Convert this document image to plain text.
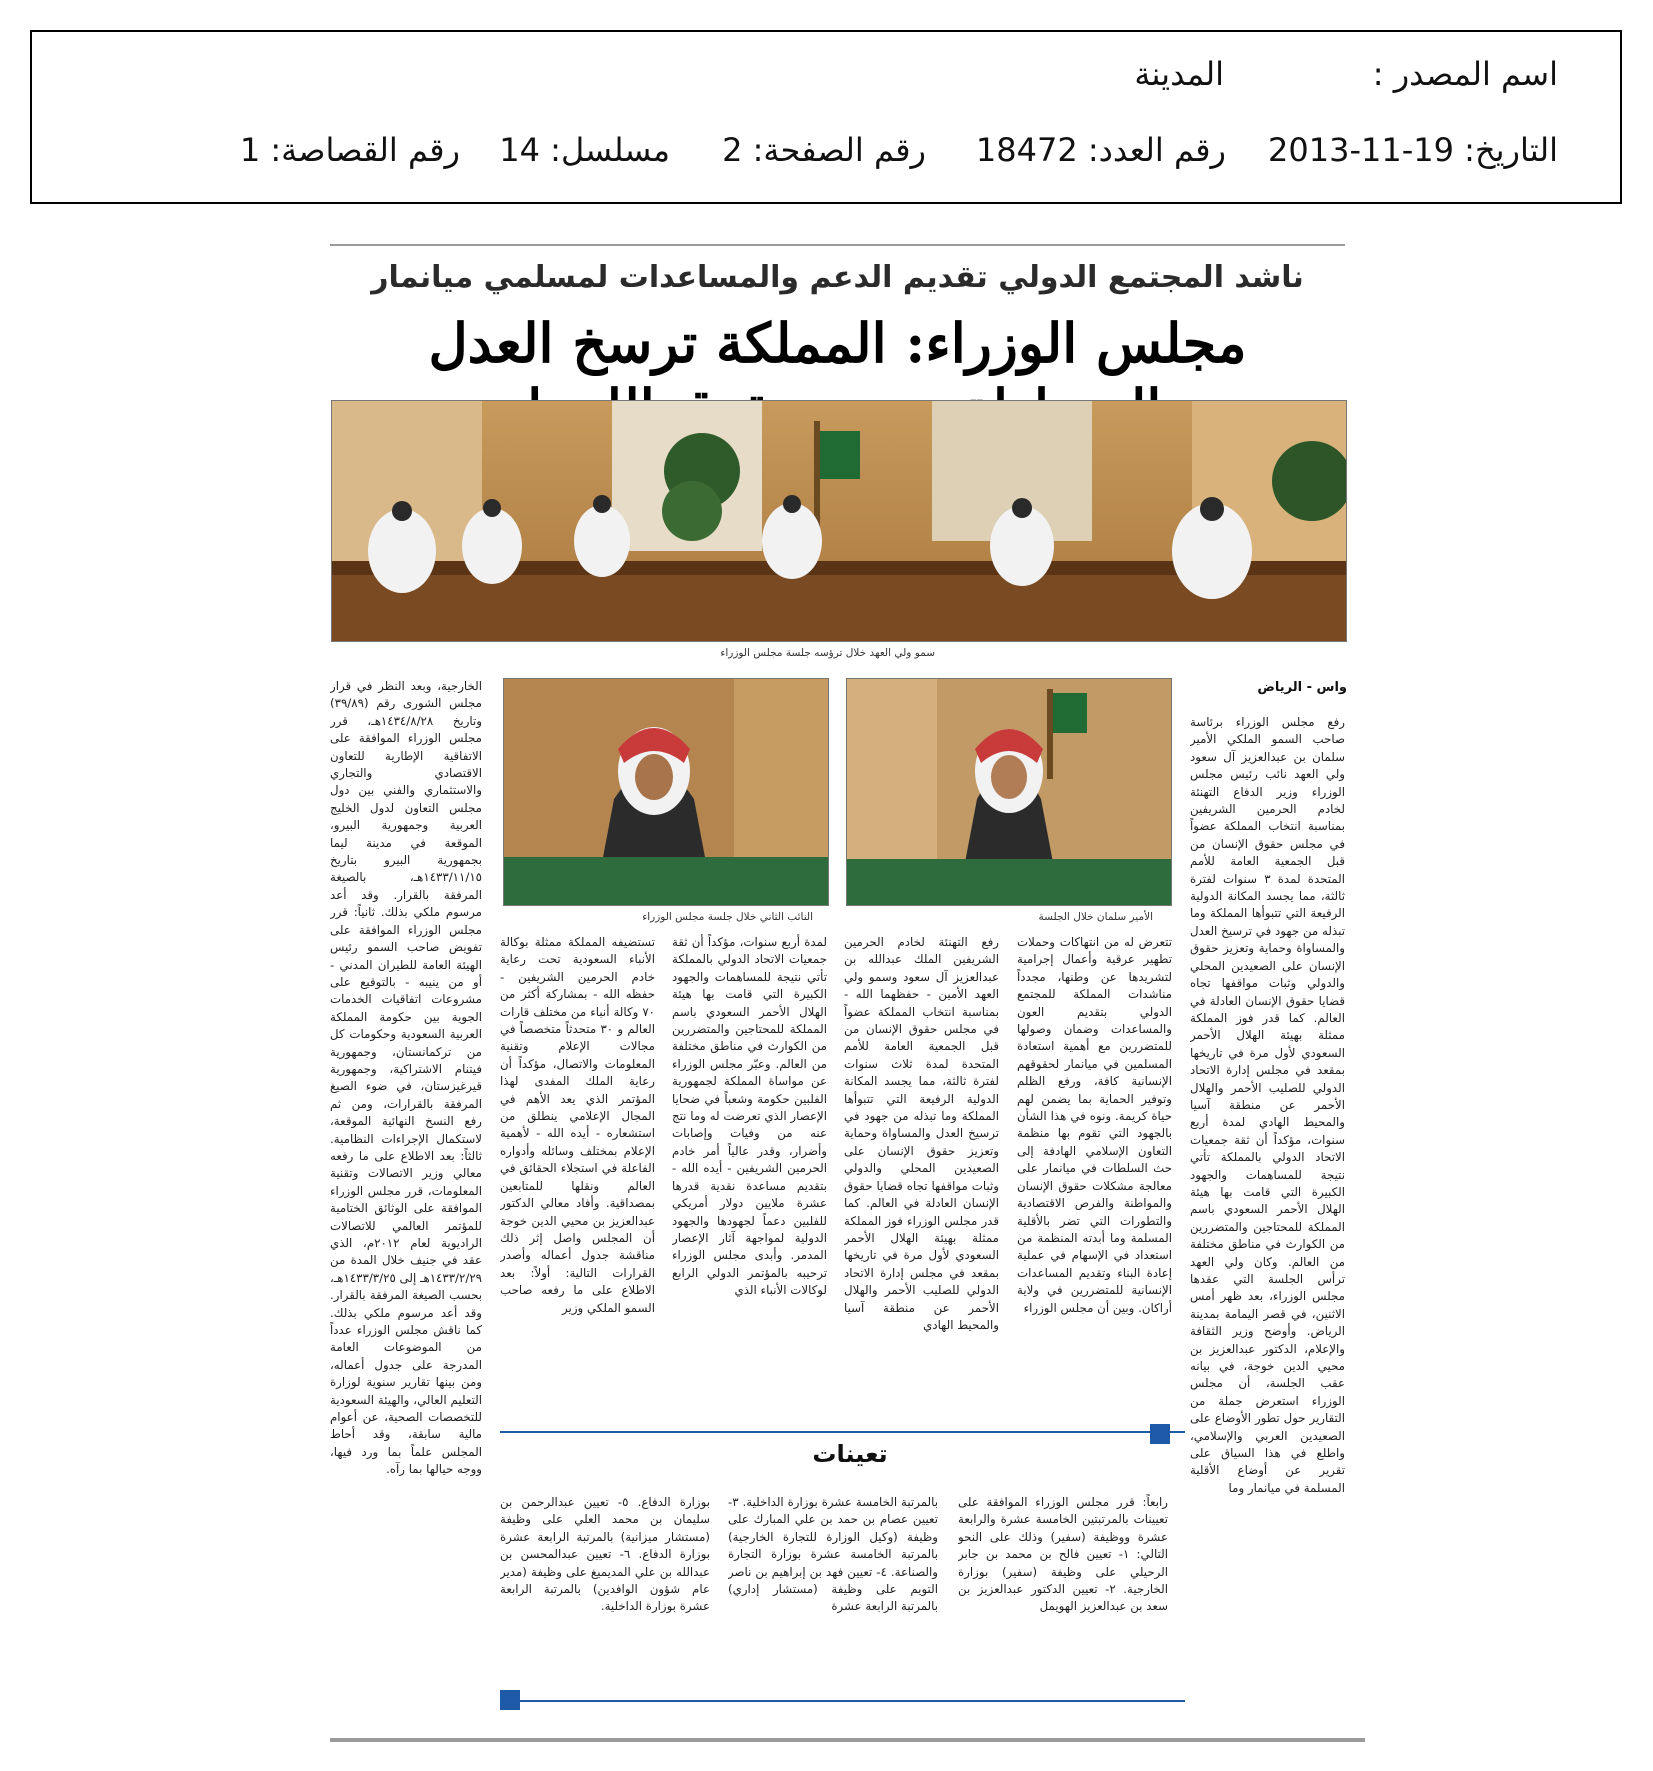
اسم المصدر :
المدينة
التاريخ: 19-11-2013
رقم العدد: 18472
رقم الصفحة: 2
مسلسل: 14
رقم القصاصة: 1
ناشد المجتمع الدولي تقديم الدعم والمساعدات لمسلمي ميانمار
مجلس الوزراء: المملكة ترسخ العدل
سمو ولي العهد خلال ترؤسه جلسة مجلس الوزراء
واس - الرياض

رفع مجلس الوزراء برئاسة صاحب السمو الملكي الأمير سلمان بن عبدالعزيز آل سعود ولي العهد نائب رئيس مجلس الوزراء وزير الدفاع التهنئة لخادم الحرمين الشريفين بمناسبة انتخاب المملكة عضواً في مجلس حقوق الإنسان من قبل الجمعية العامة للأمم المتحدة لمدة ٣ سنوات لفترة ثالثة، مما يجسد المكانة الدولية الرفيعة التي تتبوأها المملكة وما تبذله من جهود في ترسيخ العدل والمساواة وحماية وتعزيز حقوق الإنسان على الصعيدين المحلي والدولي وثبات مواقفها تجاه قضايا حقوق الإنسان العادلة في العالم. كما قدر فوز المملكة ممثلة بهيئة الهلال الأحمر السعودي لأول مرة في تاريخها بمقعد في مجلس إدارة الاتحاد الدولي للصليب الأحمر والهلال الأحمر عن منطقة آسيا والمحيط الهادي لمدة أربع سنوات، مؤكداً أن ثقة جمعيات الاتحاد الدولي بالمملكة تأتي نتيجة للمساهمات والجهود الكبيرة التي قامت بها هيئة الهلال الأحمر السعودي باسم المملكة للمحتاجين والمتضررين من الكوارث في مناطق مختلفة من العالم. وكان ولي العهد ترأس الجلسة التي عقدها مجلس الوزراء، بعد ظهر أمس الاثنين، في قصر اليمامة بمدينة الرياض. وأوضح وزير الثقافة والإعلام، الدكتور عبدالعزيز بن محيي الدين خوجة، في بيانه عقب الجلسة، أن مجلس الوزراء استعرض جملة من التقارير حول تطور الأوضاع على الصعيدين العربي والإسلامي، واطلع في هذا السياق على تقرير عن أوضاع الأقلية المسلمة في ميانمار وما

الأمير سلمان خلال الجلسة
النائب الثاني خلال جلسة مجلس الوزراء

تتعرض له من انتهاكات وحملات تطهير عرقية وأعمال إجرامية لتشريدها عن وطنها، مجدداً مناشدات المملكة للمجتمع الدولي بتقديم العون والمساعدات وضمان وصولها للمتضررين مع أهمية استعادة المسلمين في ميانمار لحقوقهم الإنسانية كافة، ورفع الظلم وتوفير الحماية بما يضمن لهم حياة كريمة. ونوه في هذا الشأن بالجهود التي تقوم بها منظمة التعاون الإسلامي الهادفة إلى حث السلطات في ميانمار على معالجة مشكلات حقوق الإنسان والمواطنة والفرص الاقتصادية والتطورات التي تضر بالأقلية المسلمة وما أبدته المنظمة من استعداد في الإسهام في عملية إعادة البناء وتقديم المساعدات الإنسانية للمتضررين في ولاية أراكان. وبين أن مجلس الوزراء

رفع التهنئة لخادم الحرمين الشريفين الملك عبدالله بن عبدالعزيز آل سعود وسمو ولي العهد الأمين - حفظهما الله - بمناسبة انتخاب المملكة عضواً في مجلس حقوق الإنسان من قبل الجمعية العامة للأمم المتحدة لمدة ثلاث سنوات لفترة ثالثة، مما يجسد المكانة الدولية الرفيعة التي تتبوأها المملكة وما تبذله من جهود في ترسيخ العدل والمساواة وحماية وتعزيز حقوق الإنسان على الصعيدين المحلي والدولي وثبات مواقفها تجاه قضايا حقوق الإنسان العادلة في العالم. كما قدر مجلس الوزراء فوز المملكة ممثلة بهيئة الهلال الأحمر السعودي لأول مرة في تاريخها بمقعد في مجلس إدارة الاتحاد الدولي للصليب الأحمر والهلال الأحمر عن منطقة آسيا والمحيط الهادي

لمدة أربع سنوات، مؤكداً أن ثقة جمعيات الاتحاد الدولي بالمملكة تأتي نتيجة للمساهمات والجهود الكبيرة التي قامت بها هيئة الهلال الأحمر السعودي باسم المملكة للمحتاجين والمتضررين من الكوارث في مناطق مختلفة من العالم. وعبّر مجلس الوزراء عن مواساة المملكة لجمهورية الفلبين حكومة وشعباً في ضحايا الإعصار الذي تعرضت له وما نتج عنه من وفيات وإصابات وأضرار، وقدر عالياً أمر خادم الحرمين الشريفين - أيده الله - بتقديم مساعدة نقدية قدرها عشرة ملايين دولار أمريكي للفلبين دعماً لجهودها والجهود الدولية لمواجهة آثار الإعصار المدمر. وأبدى مجلس الوزراء ترحيبه بالمؤتمر الدولي الرابع لوكالات الأنباء الذي

تستضيفه المملكة ممثلة بوكالة الأنباء السعودية تحت رعاية خادم الحرمين الشريفين - حفظه الله - بمشاركة أكثر من ٧٠ وكالة أنباء من مختلف قارات العالم و ٣٠ متحدثاً متخصصاً في مجالات الإعلام وتقنية المعلومات والاتصال، مؤكداً أن رعاية الملك المفدى لهذا المؤتمر الذي يعد الأهم في المجال الإعلامي ينطلق من استشعاره - أيده الله - لأهمية الإعلام بمختلف وسائله وأدواره الفاعلة في استجلاء الحقائق في العالم ونقلها للمتابعين بمصداقية. وأفاد معالي الدكتور عبدالعزيز بن محيي الدين خوجة أن المجلس واصل إثر ذلك مناقشة جدول أعماله وأصدر القرارات التالية: أولاً: بعد الاطلاع على ما رفعه صاحب السمو الملكي وزير

الخارجية، وبعد النظر في قرار مجلس الشورى رقم (٣٩/٨٩) وتاريخ ١٤٣٤/٨/٢٨هـ، قرر مجلس الوزراء الموافقة على الاتفاقية الإطارية للتعاون الاقتصادي والتجاري والاستثماري والفني بين دول مجلس التعاون لدول الخليج العربية وجمهورية البيرو، الموقعة في مدينة ليما بجمهورية البيرو بتاريخ ١٤٣٣/١١/١٥هـ، بالصيغة المرفقة بالقرار. وقد أعد مرسوم ملكي بذلك. ثانياً: قرر مجلس الوزراء الموافقة على تفويض صاحب السمو رئيس الهيئة العامة للطيران المدني - أو من ينيبه - بالتوقيع على مشروعات اتفاقيات الخدمات الجوية بين حكومة المملكة العربية السعودية وحكومات كل من تركمانستان، وجمهورية فيتنام الاشتراكية، وجمهورية قيرغيزستان، في ضوء الصيغ المرفقة بالقرارات، ومن ثم رفع النسخ النهائية الموقعة، لاستكمال الإجراءات النظامية. ثالثاً: بعد الاطلاع على ما رفعه معالي وزير الاتصالات وتقنية المعلومات، قرر مجلس الوزراء الموافقة على الوثائق الختامية للمؤتمر العالمي للاتصالات الراديوية لعام ٢٠١٢م، الذي عقد في جنيف خلال المدة من ١٤٣٣/٢/٢٩هـ إلى ١٤٣٣/٣/٢٥هـ، بحسب الصيغة المرفقة بالقرار. وقد أعد مرسوم ملكي بذلك. كما ناقش مجلس الوزراء عدداً من الموضوعات العامة المدرجة على جدول أعماله، ومن بينها تقارير سنوية لوزارة التعليم العالي، والهيئة السعودية للتخصصات الصحية، عن أعوام مالية سابقة، وقد أحاط المجلس علماً بما ورد فيها، ووجه حيالها بما رآه.

تعينات

رابعاً: قرر مجلس الوزراء الموافقة على تعيينات بالمرتبتين الخامسة عشرة والرابعة عشرة ووظيفة (سفير) وذلك على النحو التالي: ١- تعيين فالح بن محمد بن جابر الرحيلي على وظيفة (سفير) بوزارة الخارجية. ٢- تعيين الدكتور عبدالعزيز بن سعد بن عبدالعزيز الهويمل

بالمرتبة الخامسة عشرة بوزارة الداخلية. ٣- تعيين عصام بن حمد بن علي المبارك على وظيفة (وكيل الوزارة للتجارة الخارجية) بالمرتبة الخامسة عشرة بوزارة التجارة والصناعة. ٤- تعيين فهد بن إبراهيم بن ناصر التويم على وظيفة (مستشار إداري) بالمرتبة الرابعة عشرة

بوزارة الدفاع. ٥- تعيين عبدالرحمن بن سليمان بن محمد العلي على وظيفة (مستشار ميزانية) بالمرتبة الرابعة عشرة بوزارة الدفاع. ٦- تعيين عبدالمحسن بن عبدالله بن علي المديميغ على وظيفة (مدير عام شؤون الوافدين) بالمرتبة الرابعة عشرة بوزارة الداخلية.
